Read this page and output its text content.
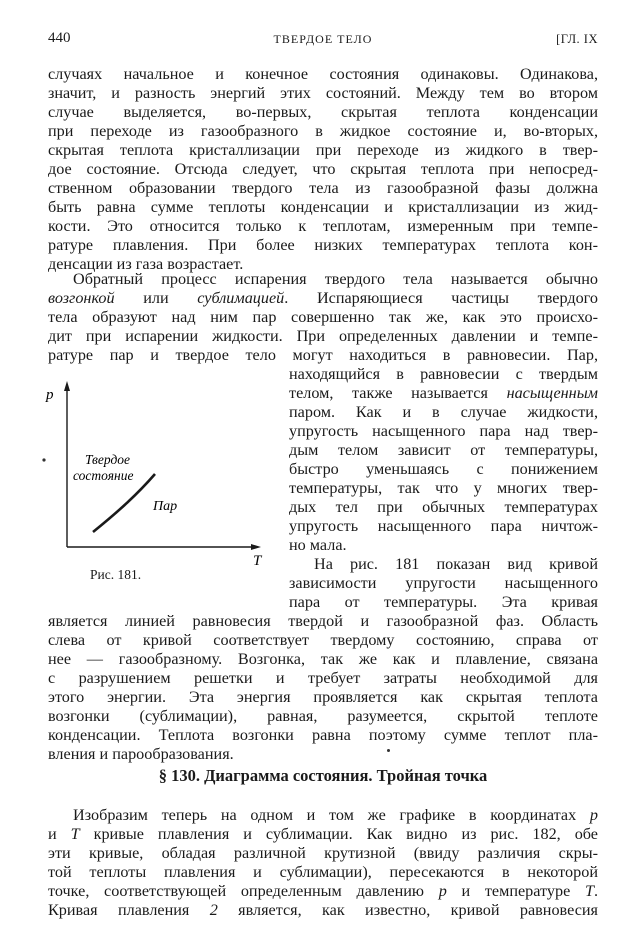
440	ТВЕРДОЕ ТЕЛО	[ГЛ. IX
случаях начальное и конечное состояния одинаковы. Одинакова,
значит, и разность энергий этих состояний. Между тем во втором
случае выделяется, во-первых, скрытая теплота конденсации
при переходе из газообразного в жидкое состояние и, во-вторых,
скрытая теплота кристаллизации при переходе из жидкого в твер-
дое состояние. Отсюда следует, что скрытая теплота при непосред-
ственном образовании твердого тела из газообразной фазы должна
быть равна сумме теплоты конденсации и кристаллизации из жид-
кости. Это относится только к теплотам, измеренным при темпе-
ратуре плавления. При более низких температурах теплота кон-
денсации из газа возрастает.
Обратный процесс испарения твердого тела называется обычно
возгонкой или сублимацией. Испаряющиеся частицы твердого
тела образуют над ним пар совершенно так же, как это происхо-
дит при испарении жидкости. При определенных давлении и темпе-
ратуре пар и твердое тело могут находиться в равновесии. Пар,
находящийся в равновесии с твердым
телом, также называется насыщенным
паром. Как и в случае жидкости,
упругость насыщенного пара над твер-
дым телом зависит от температуры,
быстро уменьшаясь с понижением
температуры, так что у многих твер-
дых тел при обычных температурах
упругость насыщенного пара ничтож-
но мала.
На рис. 181 показан вид кривой
зависимости упругости насыщенного
пара от температуры. Эта кривая
является линией равновесия твердой и газообразной фаз. Область
слева от кривой соответствует твердому состоянию, справа от
нее — газообразному. Возгонка, так же как и плавление, связана
с разрушением решетки и требует затраты необходимой для
этого энергии. Эта энергия проявляется как скрытая теплота
возгонки (сублимации), равная, разумеется, скрытой теплоте
конденсации. Теплота возгонки равна поэтому сумме теплот пла-
вления и парообразования.
§ 130. Диаграмма состояния. Тройная точка
Изобразим теперь на одном и том же графике в координатах p
и T кривые плавления и сублимации. Как видно из рис. 182, обе
эти кривые, обладая различной крутизной (ввиду различия скры-
той теплоты плавления и сублимации), пересекаются в некоторой
точке, соответствующей определенным давлению p и температуре T.
Кривая плавления 2 является, как известно, кривой равновесия
p
T
Твердое
состояние
Пар
Рис. 181.
